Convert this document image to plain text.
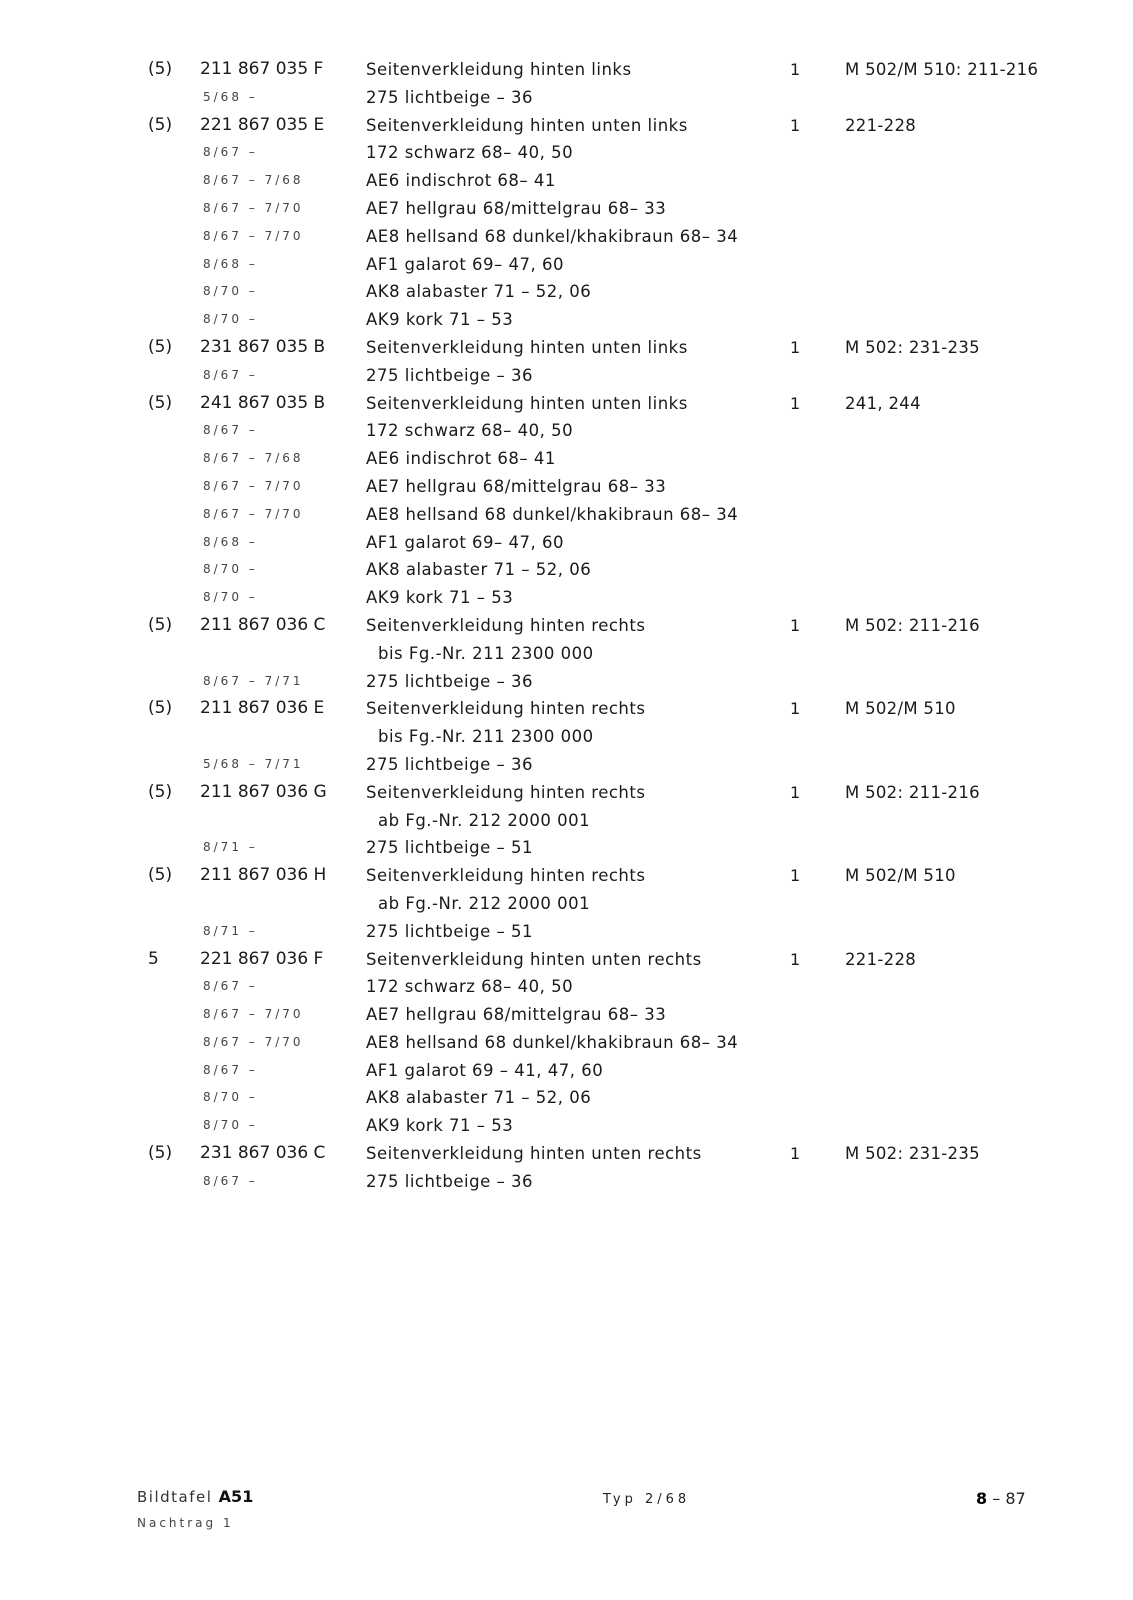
(5) 211 867 035 F	Seitenverkleidung hinten links	1	M 502/M 510: 211-216
5/68 –	275 lichtbeige – 36
(5) 221 867 035 E	Seitenverkleidung hinten unten links	1	221-228
8/67 –	172 schwarz 68– 40, 50
8/67 – 7/68	AE6 indischrot 68– 41
8/67 – 7/70	AE7 hellgrau 68/mittelgrau 68– 33
8/67 – 7/70	AE8 hellsand 68 dunkel/khakibraun 68– 34
8/68 –	AF1 galarot 69– 47, 60
8/70 –	AK8 alabaster 71 – 52, 06
8/70 –	AK9 kork 71 – 53
(5) 231 867 035 B Seitenverkleidung hinten unten links	1	M 502: 231-235
8/67 –	275 lichtbeige – 36
(5) 241 867 035 B Seitenverkleidung hinten unten links	1	241, 244
8/67 –	172 schwarz 68– 40, 50
8/67 – 7/68	AE6 indischrot 68– 41
8/67 – 7/70	AE7 hellgrau 68/mittelgrau 68– 33
8/67 – 7/70	AE8 hellsand 68 dunkel/khakibraun 68– 34
8/68 –	AF1 galarot 69– 47, 60
8/70 –	AK8 alabaster 71 – 52, 06
8/70 –	AK9 kork 71 – 53
(5) 211 867 036 C Seitenverkleidung hinten rechts	1	M 502: 211-216
bis Fg.-Nr. 211 2300 000
8/67 – 7/71	275 lichtbeige – 36
(5) 211 867 036 E	Seitenverkleidung hinten rechts	1	M 502/M 510
bis Fg.-Nr. 211 2300 000
5/68 – 7/71	275 lichtbeige – 36
(5) 211 867 036 G Seitenverkleidung hinten rechts	1	M 502: 211-216
ab Fg.-Nr. 212 2000 001
8/71 –	275 lichtbeige – 51
(5) 211 867 036 H Seitenverkleidung hinten rechts	1	M 502/M 510
ab Fg.-Nr. 212 2000 001
8/71 –	275 lichtbeige – 51
5 221 867 036 F	Seitenverkleidung hinten unten rechts	1	221-228
8/67 –	172 schwarz 68– 40, 50
8/67 – 7/70	AE7 hellgrau 68/mittelgrau 68– 33
8/67 – 7/70	AE8 hellsand 68 dunkel/khakibraun 68– 34
8/67 –	AF1 galarot 69 – 41, 47, 60
8/70 –	AK8 alabaster 71 – 52, 06
8/70 –	AK9 kork 71 – 53
(5) 231 867 036 C Seitenverkleidung hinten unten rechts	1	M 502: 231-235
8/67 –	275 lichtbeige – 36
Bildtafel A51
Nachtrag 1
Typ 2/68	8 – 87
